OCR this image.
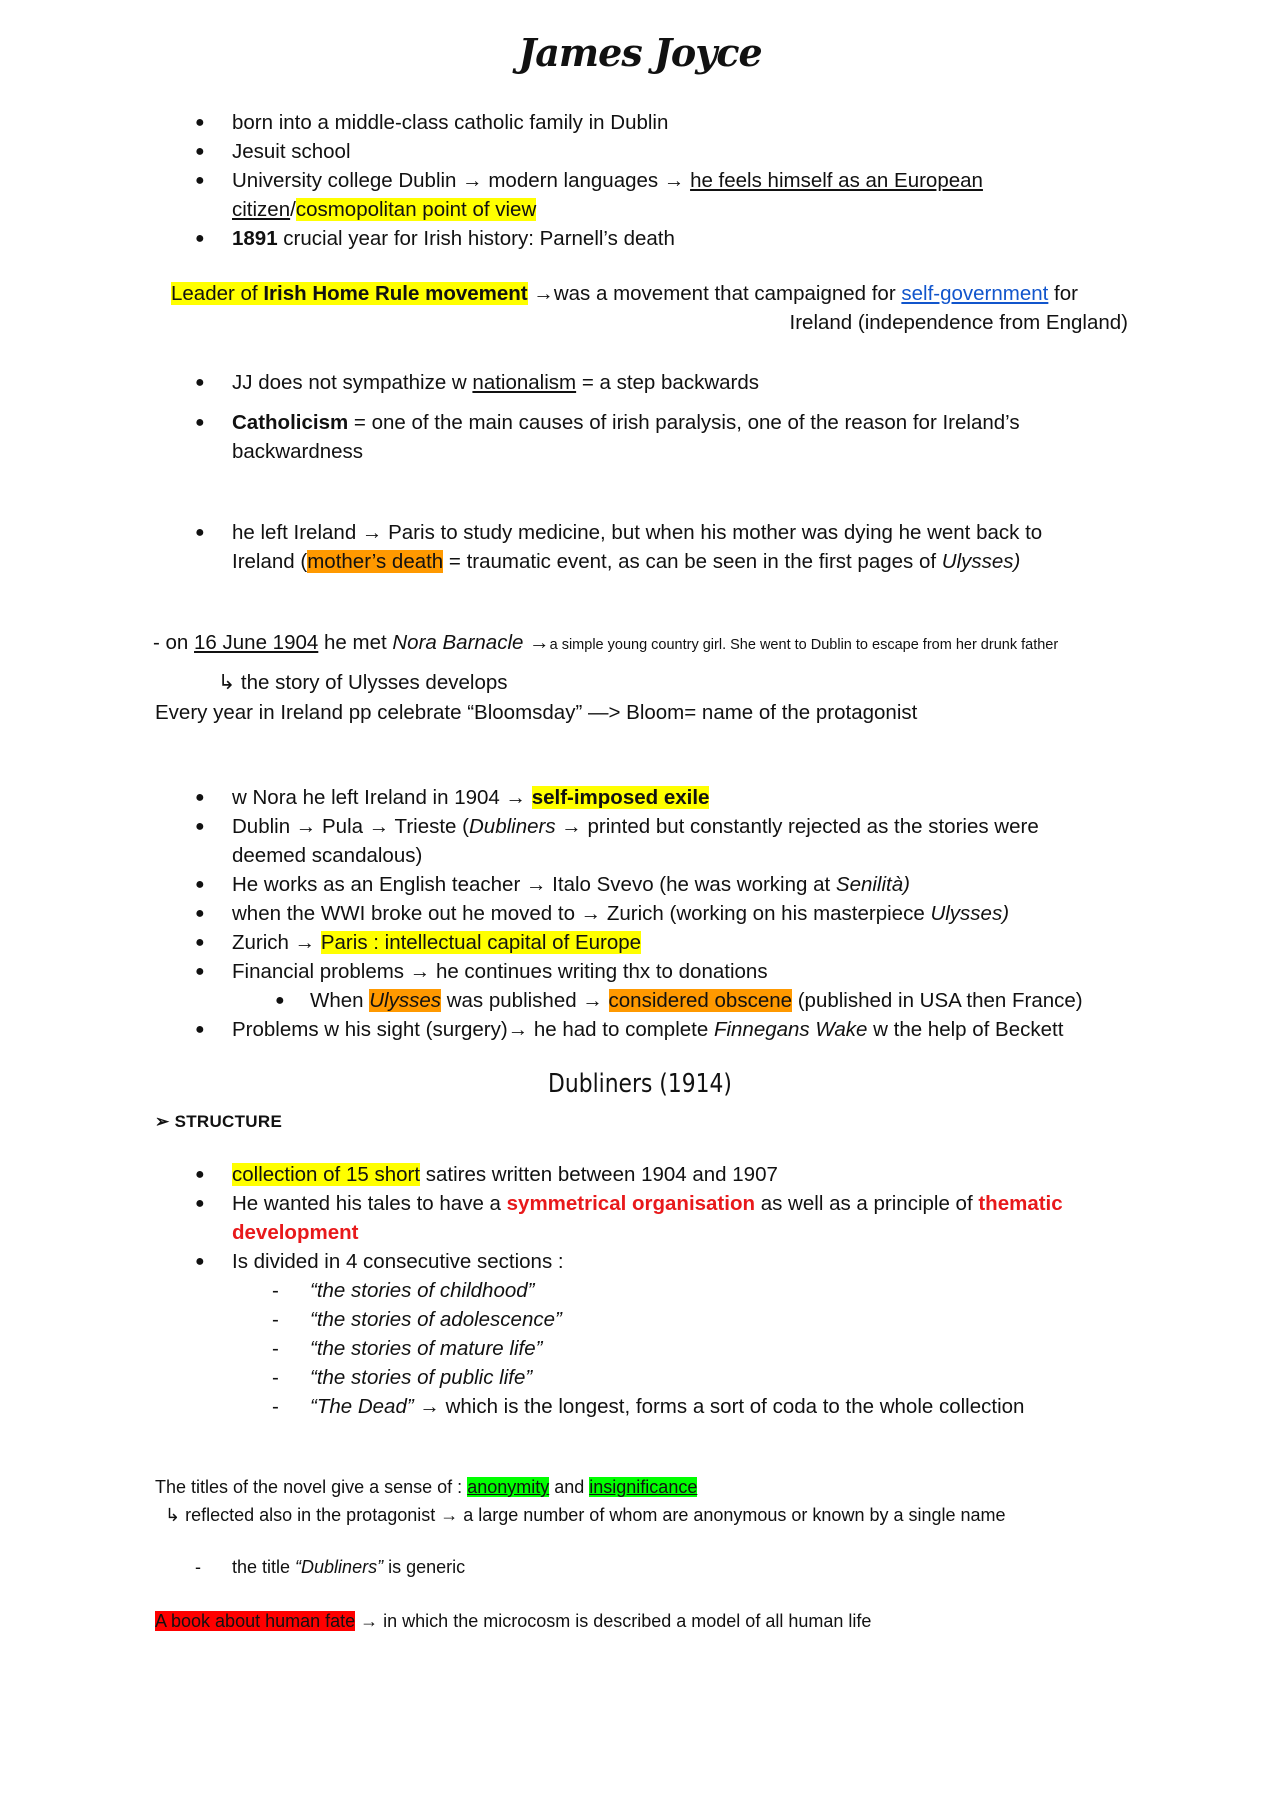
James Joyce
● born into a middle-class catholic family in Dublin
● Jesuit school
● University college Dublin → modern languages → he feels himself as an European
citizen/cosmopolitan point of view
● 1891 crucial year for Irish history: Parnell’s death
Leader of Irish Home Rule movement →was a movement that campaigned for self-government for
Ireland (independence from England)
● JJ does not sympathize w nationalism = a step backwards
● Catholicism = one of the main causes of irish paralysis, one of the reason for Ireland’s
backwardness
● he left Ireland → Paris to study medicine, but when his mother was dying he went back to
Ireland (mother’s death = traumatic event, as can be seen in the first pages of Ulysses)
- on 16 June 1904 he met Nora Barnacle →a simple young country girl. She went to Dublin to escape from her drunk father
↳ the story of Ulysses develops
Every year in Ireland pp celebrate “Bloomsday” —> Bloom= name of the protagonist
● w Nora he left Ireland in 1904 → self-imposed exile
● Dublin → Pula → Trieste (Dubliners → printed but constantly rejected as the stories were
deemed scandalous)
● He works as an English teacher → Italo Svevo (he was working at Senilità)
● when the WWI broke out he moved to → Zurich (working on his masterpiece Ulysses)
● Zurich → Paris : intellectual capital of Europe
● Financial problems → he continues writing thx to donations
● When Ulysses was published → considered obscene (published in USA then France)
● Problems w his sight (surgery)→ he had to complete Finnegans Wake w the help of Beckett
Dubliners (1914)
➢ STRUCTURE
● collection of 15 short satires written between 1904 and 1907
● He wanted his tales to have a symmetrical organisation as well as a principle of thematic
development
● Is divided in 4 consecutive sections :
- “the stories of childhood”
- “the stories of adolescence”
- “the stories of mature life”
- “the stories of public life”
- “The Dead” → which is the longest, forms a sort of coda to the whole collection
The titles of the novel give a sense of : anonymity and insignificance
↳ reflected also in the protagonist → a large number of whom are anonymous or known by a single name
- the title “Dubliners” is generic
A book about human fate → in which the microcosm is described a model of all human life
